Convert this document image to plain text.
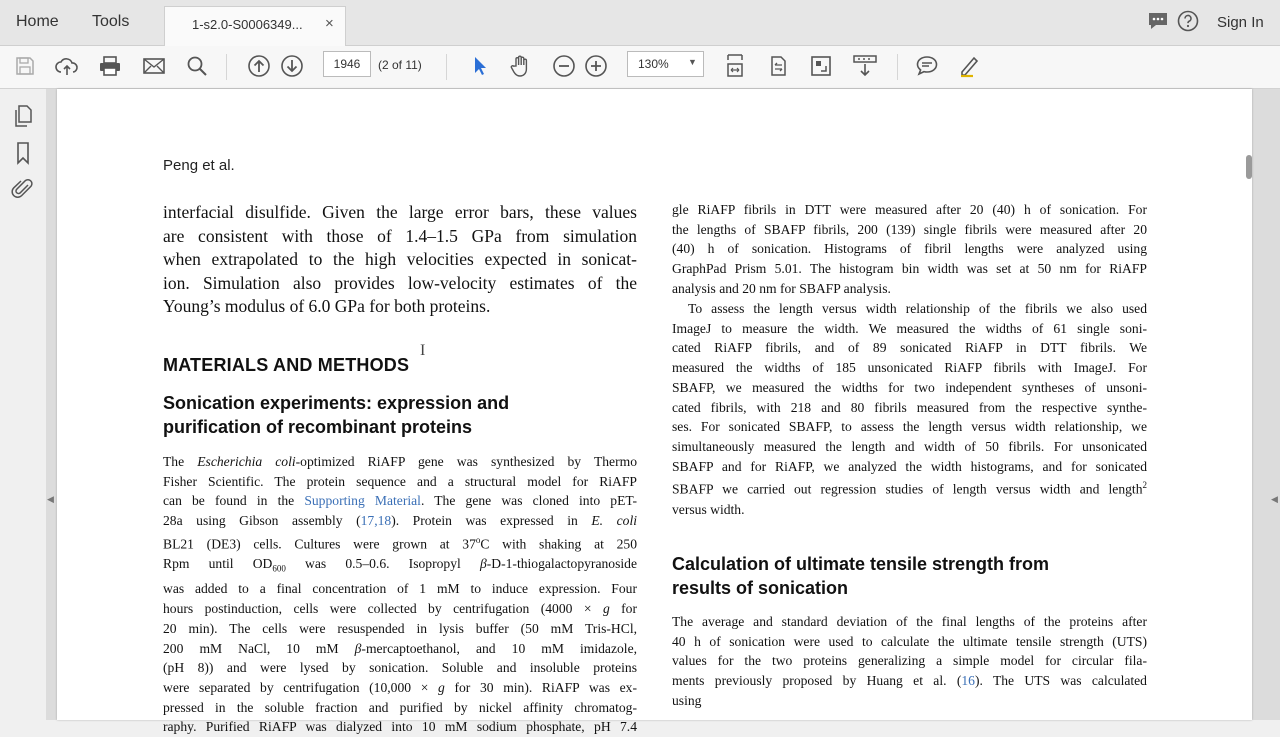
Home Tools	1-s2.0-S0006349... ×	Sign In
1946
(2 of 11)	130% ▼
◀	◀
Peng et al.
interfacial disulfide. Given the large error bars, these values
are consistent with those of 1.4–1.5 GPa from simulation
when extrapolated to the high velocities expected in sonicat-
ion. Simulation also provides low-velocity estimates of the
Young’s modulus of 6.0 GPa for both proteins.
I
MATERIALS AND METHODS
Sonication experiments: expression and
purification of recombinant proteins
The Escherichia coli-optimized RiAFP gene was synthesized by Thermo
Fisher Scientific. The protein sequence and a structural model for RiAFP
can be found in the Supporting Material. The gene was cloned into pET-
28a using Gibson assembly (17,18). Protein was expressed in E. coli
BL21 (DE3) cells. Cultures were grown at 37$^o$C with shaking at 250
Rpm until $OD_{600}$ was 0.5–0.6. Isopropyl β-D-1-thiogalactopyranoside
was added to a final concentration of 1 mM to induce expression. Four
hours postinduction, cells were collected by centrifugation (4000 × g for
20 min). The cells were resuspended in lysis buffer (50 mM Tris-HCl,
200 mM NaCl, 10 mM β-mercaptoethanol, and 10 mM imidazole,
(pH 8)) and were lysed by sonication. Soluble and insoluble proteins
were separated by centrifugation (10,000 × g for 30 min). RiAFP was ex-
pressed in the soluble fraction and purified by nickel affinity chromatog-
raphy. Purified RiAFP was dialyzed into 10 mM sodium phosphate, pH 7.4
gle RiAFP fibrils in DTT were measured after 20 (40) h of sonication. For
the lengths of SBAFP fibrils, 200 (139) single fibrils were measured after 20
(40) h of sonication. Histograms of fibril lengths were analyzed using
GraphPad Prism 5.01. The histogram bin width was set at 50 nm for RiAFP
analysis and 20 nm for SBAFP analysis.
To assess the length versus width relationship of the fibrils we also used
ImageJ to measure the width. We measured the widths of 61 single soni-
cated RiAFP fibrils, and of 89 sonicated RiAFP in DTT fibrils. We
measured the widths of 185 unsonicated RiAFP fibrils with ImageJ. For
SBAFP, we measured the widths for two independent syntheses of unsoni-
cated fibrils, with 218 and 80 fibrils measured from the respective synthe-
ses. For sonicated SBAFP, to assess the length versus width relationship, we
simultaneously measured the length and width of 50 fibrils. For unsonicated
SBAFP and for RiAFP, we analyzed the width histograms, and for sonicated
SBAFP we carried out regression studies of length versus width and length$^2$
versus width.
Calculation of ultimate tensile strength from
results of sonication
The average and standard deviation of the final lengths of the proteins after
40 h of sonication were used to calculate the ultimate tensile strength (UTS)
values for the two proteins generalizing a simple model for circular fila-
ments previously proposed by Huang et al. (16). The UTS was calculated
using
